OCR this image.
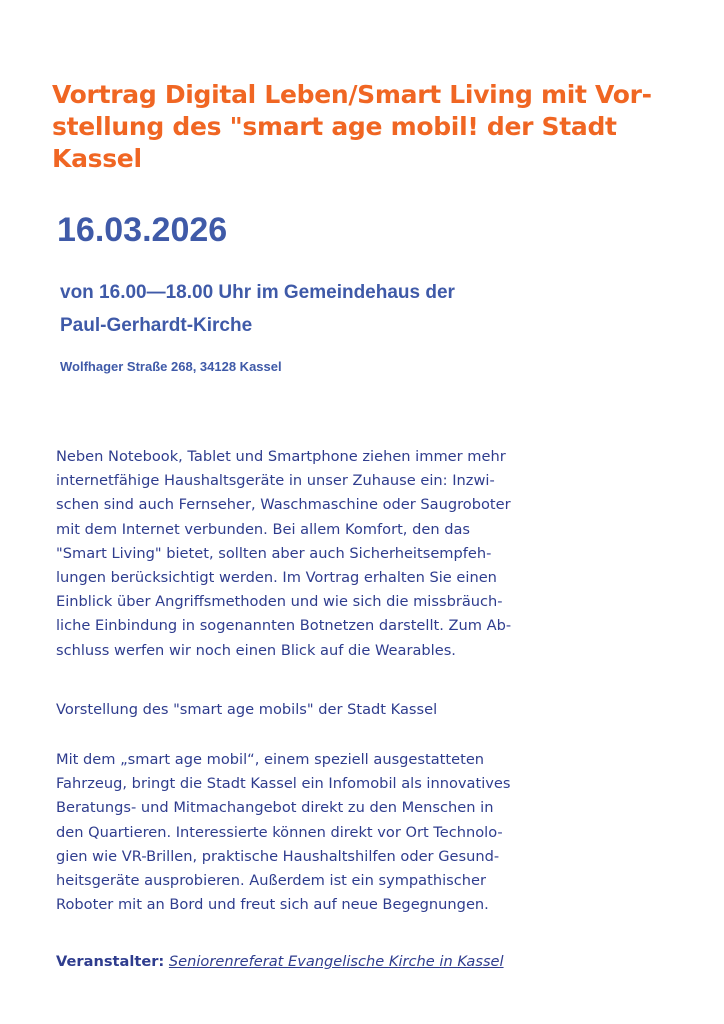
Vortrag Digital Leben/Smart Living mit Vor-
stellung des "smart age mobil! der Stadt
Kassel
16.03.2026
von 16.00—18.00 Uhr im Gemeindehaus der
Paul-Gerhardt-Kirche

Wolfhager Straße 268, 34128 Kassel

Neben Notebook, Tablet und Smartphone ziehen immer mehr
internetfähige Haushaltsgeräte in unser Zuhause ein: Inzwi-
schen sind auch Fernseher, Waschmaschine oder Saugroboter
mit dem Internet verbunden. Bei allem Komfort, den das
"Smart Living" bietet, sollten aber auch Sicherheitsempfeh-
lungen berücksichtigt werden. Im Vortrag erhalten Sie einen
Einblick über Angriffsmethoden und wie sich die missbräuch-
liche Einbindung in sogenannten Botnetzen darstellt. Zum Ab-
schluss werfen wir noch einen Blick auf die Wearables.

Vorstellung des "smart age mobils" der Stadt Kassel

Mit dem „smart age mobil“, einem speziell ausgestatteten
Fahrzeug, bringt die Stadt Kassel ein Infomobil als innovatives
Beratungs- und Mitmachangebot direkt zu den Menschen in
den Quartieren. Interessierte können direkt vor Ort Technolo-
gien wie VR-Brillen, praktische Haushaltshilfen oder Gesund-
heitsgeräte ausprobieren. Außerdem ist ein sympathischer
Roboter mit an Bord und freut sich auf neue Begegnungen.

Veranstalter: Seniorenreferat Evangelische Kirche in Kassel
